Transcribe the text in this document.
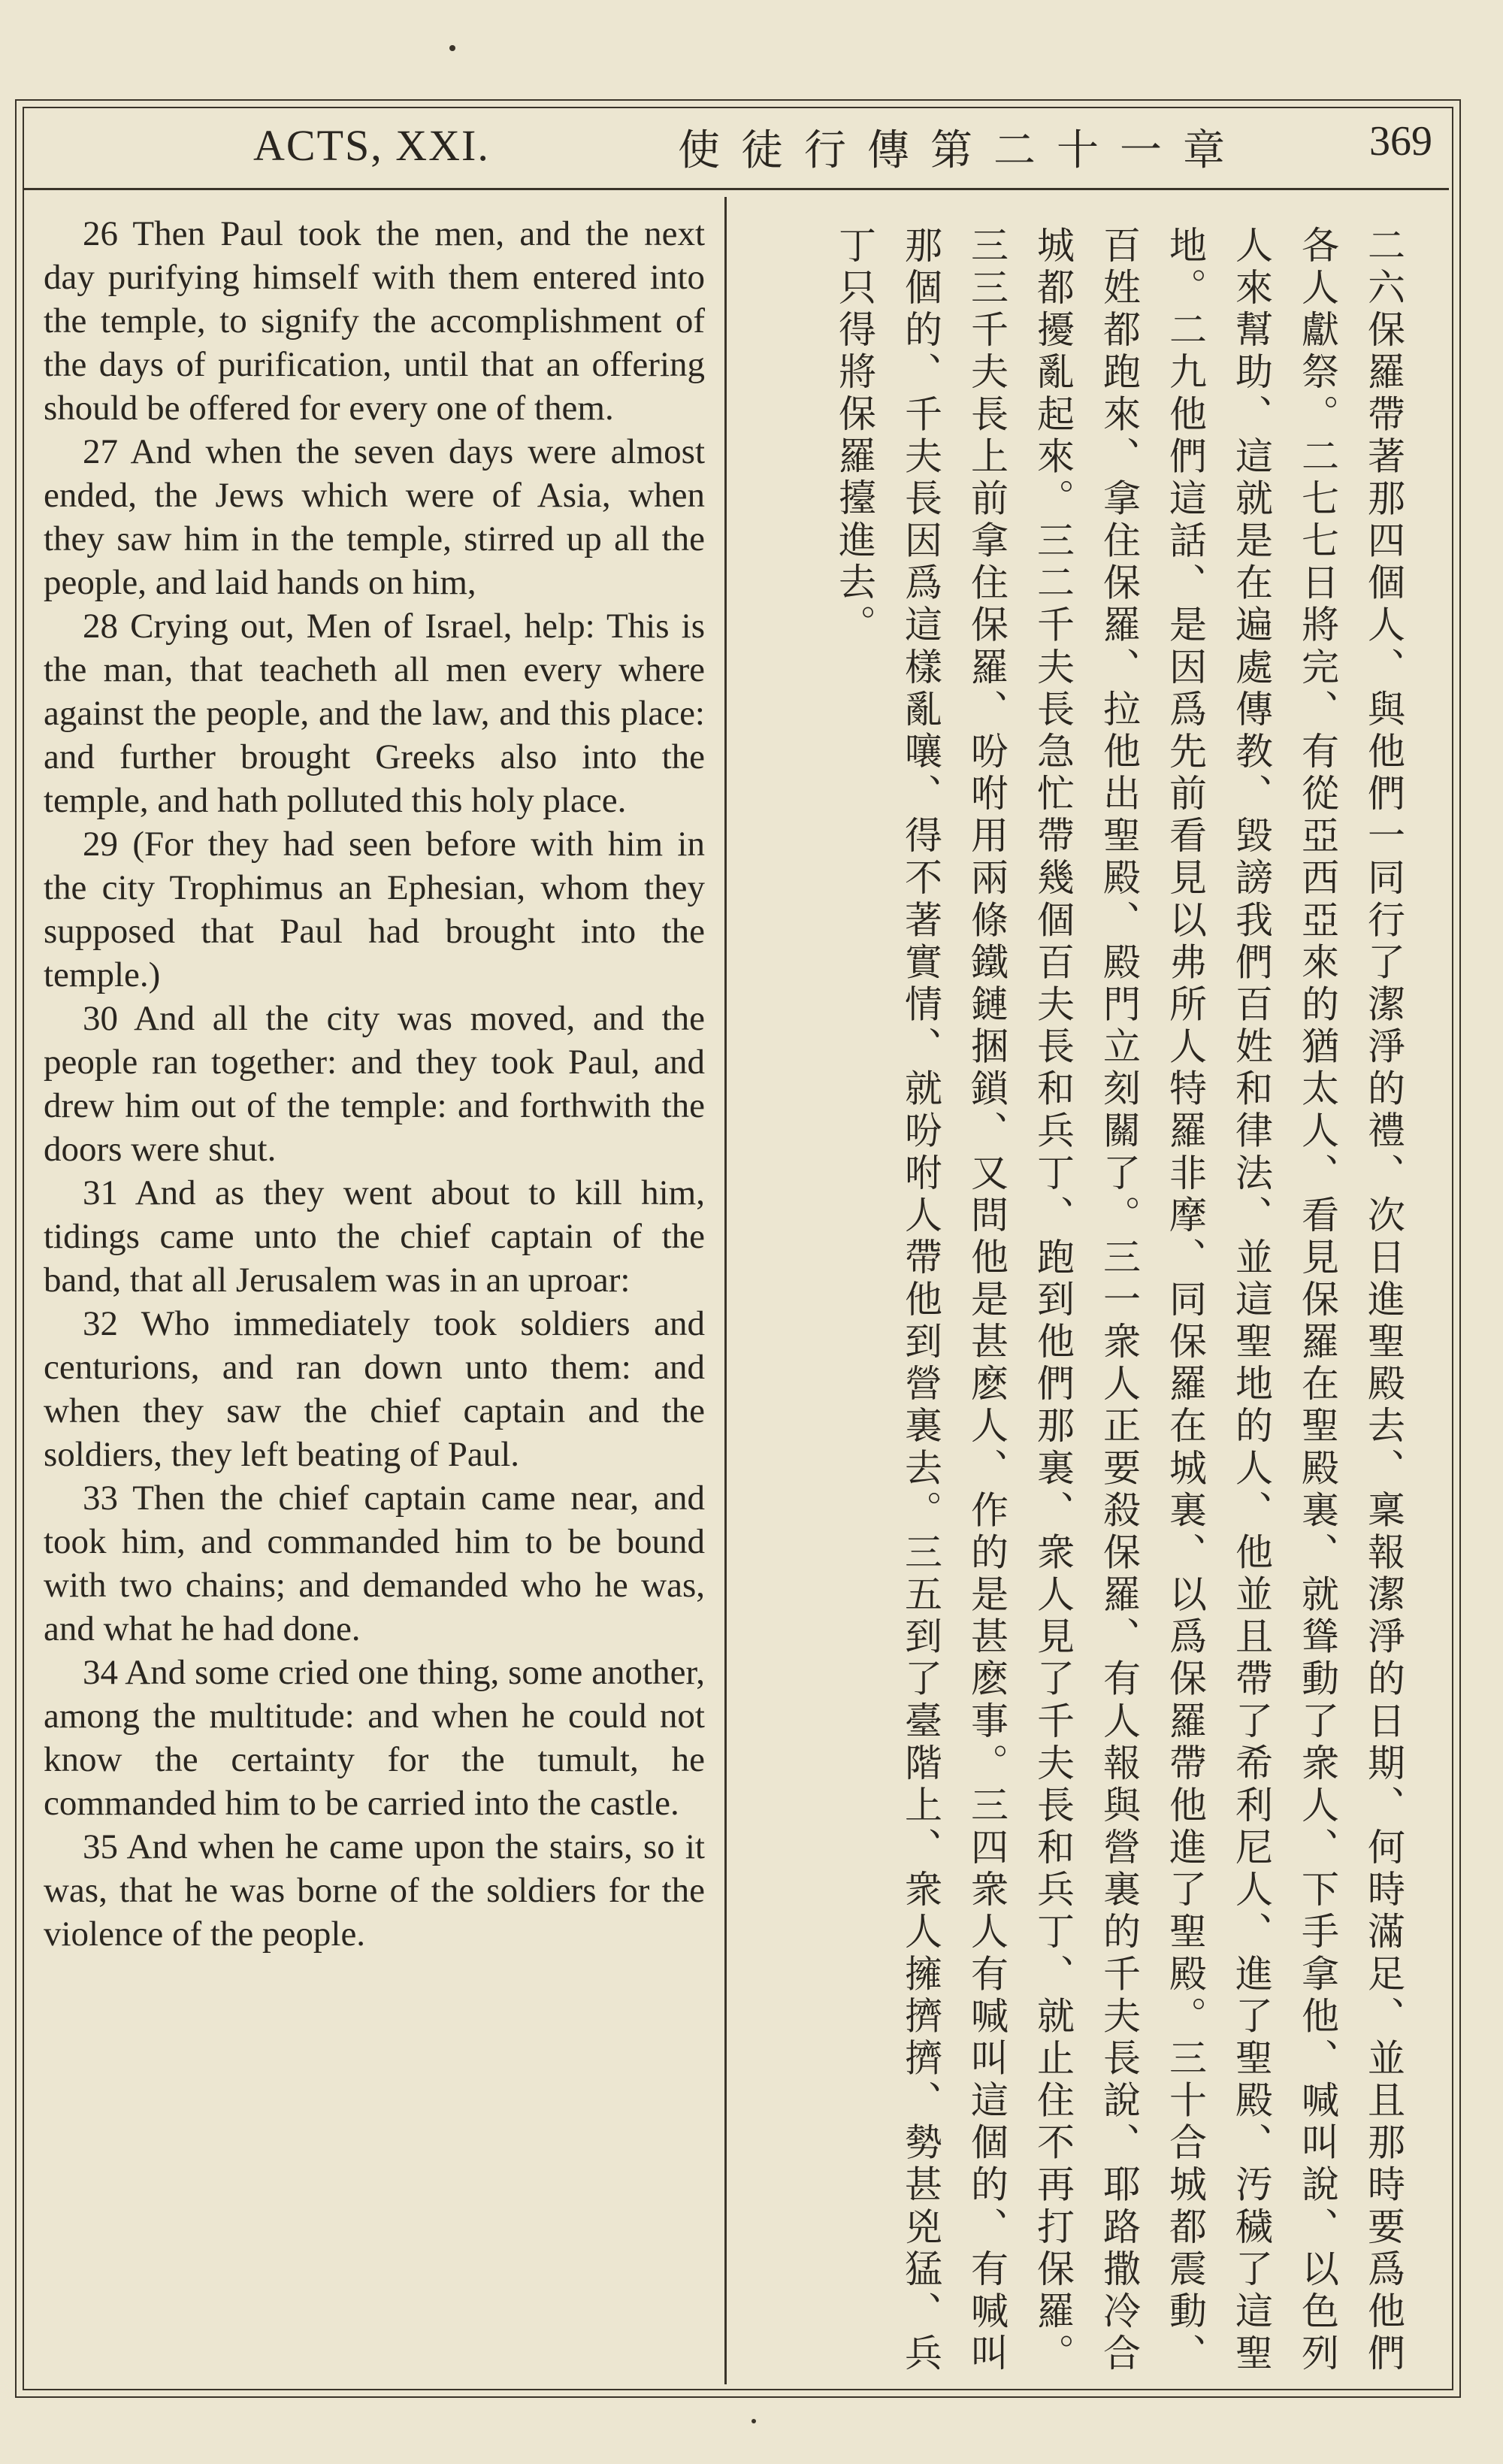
ACTS, XXI.	使徒行傳第二十一章	369

26 Then Paul took the men, and the next day purifying himself with them entered into the temple, to signify the accomplishment of the days of purification, until that an offering should be offered for every one of them.

27 And when the seven days were almost ended, the Jews which were of Asia, when they saw him in the temple, stirred up all the people, and laid hands on him,

28 Crying out, Men of Israel, help: This is the man, that teacheth all men every where against the people, and the law, and this place: and further brought Greeks also into the temple, and hath polluted this holy place.

29 (For they had seen before with him in the city Trophimus an Ephesian, whom they supposed that Paul had brought into the temple.)

30 And all the city was moved, and the people ran together: and they took Paul, and drew him out of the temple: and forthwith the doors were shut.

31 And as they went about to kill him, tidings came unto the chief captain of the band, that all Jerusalem was in an uproar:

32 Who immediately took soldiers and centurions, and ran down unto them: and when they saw the chief captain and the soldiers, they left beating of Paul.

33 Then the chief captain came near, and took him, and commanded him to be bound with two chains; and demanded who he was, and what he had done.

34 And some cried one thing, some another, among the multitude: and when he could not know the certainty for the tumult, he commanded him to be carried into the castle.

35 And when he came upon the stairs, so it was, that he was borne of the soldiers for the violence of the people.	二六保羅帶著那四個人、與他們一同行了潔淨的禮、次日進聖殿去、稟報潔淨的日期、何時滿足、並且那時要爲他們各人獻祭。二七七日將完、有從亞西亞來的猶太人、看見保羅在聖殿裏、就聳動了衆人、下手拿他、喊叫說、以色列人來幫助、這就是在遍處傳教、毀謗我們百姓和律法、並這聖地的人、他並且帶了希利尼人、進了聖殿、汚穢了這聖地。二九他們這話、是因爲先前看見以弗所人特羅非摩、同保羅在城裏、以爲保羅帶他進了聖殿。三十合城都震動、百姓都跑來、拿住保羅、拉他出聖殿、殿門立刻關了。三一衆人正要殺保羅、有人報與營裏的千夫長說、耶路撒冷合城都擾亂起來。三二千夫長急忙帶幾個百夫長和兵丁、跑到他們那裏、衆人見了千夫長和兵丁、就止住不再打保羅。三三千夫長上前拿住保羅、吩咐用兩條鐵鏈捆鎖、又問他是甚麽人、作的是甚麽事。三四衆人有喊叫這個的、有喊叫那個的、千夫長因爲這樣亂嚷、得不著實情、就吩咐人帶他到營裏去。三五到了臺階上、衆人擁擠擠、勢甚兇猛、兵丁只得將保羅擡進去。
